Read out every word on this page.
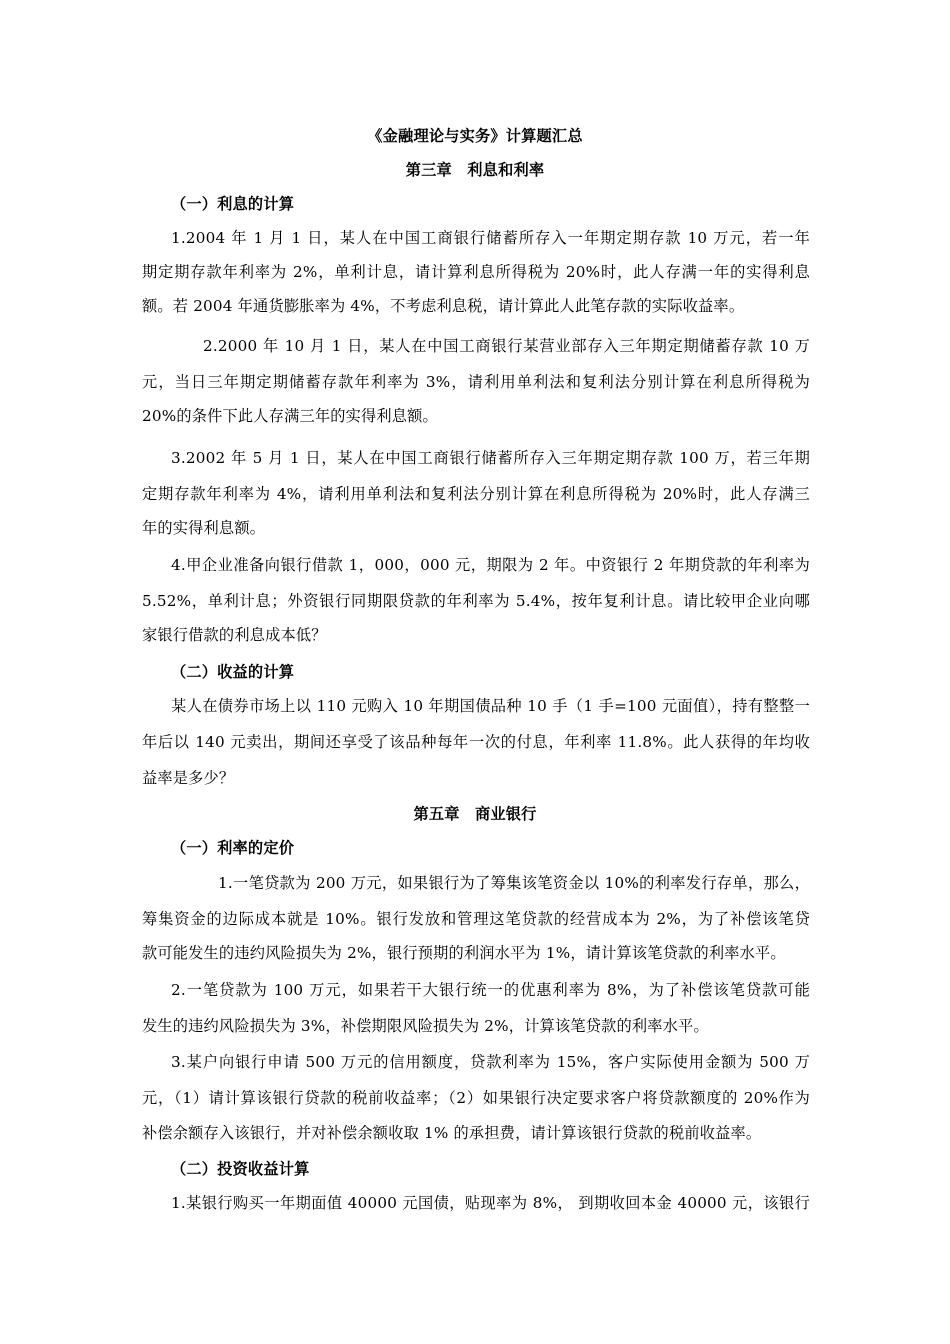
《金融理论与实务》计算题汇总
第三章　利息和利率
（一）利息的计算
1.2004 年 1 月 1 日，某人在中国工商银行储蓄所存入一年期定期存款 10 万元，若一年
期定期存款年利率为 2%，单利计息，请计算利息所得税为 20%时，此人存满一年的实得利息
额。若 2004 年通货膨胀率为 4%，不考虑利息税，请计算此人此笔存款的实际收益率。
2.2000 年 10 月 1 日，某人在中国工商银行某营业部存入三年期定期储蓄存款 10 万
元，当日三年期定期储蓄存款年利率为 3%，请利用单利法和复利法分别计算在利息所得税为
20%的条件下此人存满三年的实得利息额。
3.2002 年 5 月 1 日，某人在中国工商银行储蓄所存入三年期定期存款 100 万，若三年期
定期存款年利率为 4%，请利用单利法和复利法分别计算在利息所得税为 20%时，此人存满三
年的实得利息额。
4.甲企业准备向银行借款 1，000，000 元，期限为 2 年。中资银行 2 年期贷款的年利率为
5.52%，单利计息；外资银行同期限贷款的年利率为 5.4%，按年复利计息。请比较甲企业向哪
家银行借款的利息成本低？
（二）收益的计算
某人在债券市场上以 110 元购入 10 年期国债品种 10 手（1 手=100 元面值），持有整整一
年后以 140 元卖出，期间还享受了该品种每年一次的付息，年利率 11.8%。此人获得的年均收
益率是多少？
第五章　商业银行
（一）利率的定价
1.一笔贷款为 200 万元，如果银行为了筹集该笔资金以 10%的利率发行存单，那么，
筹集资金的边际成本就是 10%。银行发放和管理这笔贷款的经营成本为 2%，为了补偿该笔贷
款可能发生的违约风险损失为 2%，银行预期的利润水平为 1%，请计算该笔贷款的利率水平。
2.一笔贷款为 100 万元，如果若干大银行统一的优惠利率为 8%，为了补偿该笔贷款可能
发生的违约风险损失为 3%，补偿期限风险损失为 2%，计算该笔贷款的利率水平。
3.某户向银行申请 500 万元的信用额度，贷款利率为 15%，客户实际使用金额为 500 万
元，（1）请计算该银行贷款的税前收益率；（2）如果银行决定要求客户将贷款额度的 20%作为
补偿余额存入该银行，并对补偿余额收取 1% 的承担费，请计算该银行贷款的税前收益率。
（二）投资收益计算
1.某银行购买一年期面值 40000 元国债，贴现率为 8%， 到期收回本金 40000 元，该银行
